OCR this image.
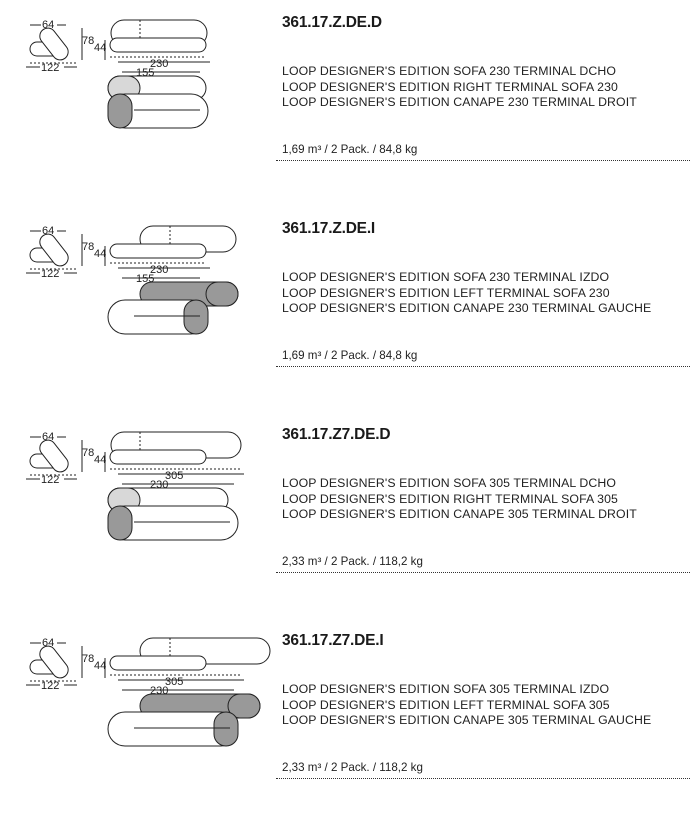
64
78
44
122	230
155
361.17.Z.DE.D
LOOP DESIGNER'S EDITION SOFA 230 TERMINAL DCHO
LOOP DESIGNER'S EDITION RIGHT TERMINAL SOFA 230
LOOP DESIGNER'S EDITION CANAPE 230 TERMINAL DROIT
1,69 m³ / 2 Pack. / 84,8 kg
64
78
44
122	230
155
361.17.Z.DE.I
LOOP DESIGNER'S EDITION SOFA 230 TERMINAL IZDO
LOOP DESIGNER'S EDITION LEFT TERMINAL SOFA 230
LOOP DESIGNER'S EDITION CANAPE 230 TERMINAL GAUCHE
1,69 m³ / 2 Pack. / 84,8 kg
64
78
44
122	305
230
361.17.Z7.DE.D
LOOP DESIGNER'S EDITION SOFA 305 TERMINAL DCHO
LOOP DESIGNER'S EDITION RIGHT TERMINAL SOFA 305
LOOP DESIGNER'S EDITION CANAPE 305 TERMINAL DROIT
2,33 m³ / 2 Pack. / 118,2 kg
64
78
44
122	305
230
361.17.Z7.DE.I
LOOP DESIGNER'S EDITION SOFA 305 TERMINAL IZDO
LOOP DESIGNER'S EDITION LEFT TERMINAL SOFA 305
LOOP DESIGNER'S EDITION CANAPE 305 TERMINAL GAUCHE
2,33 m³ / 2 Pack. / 118,2 kg
